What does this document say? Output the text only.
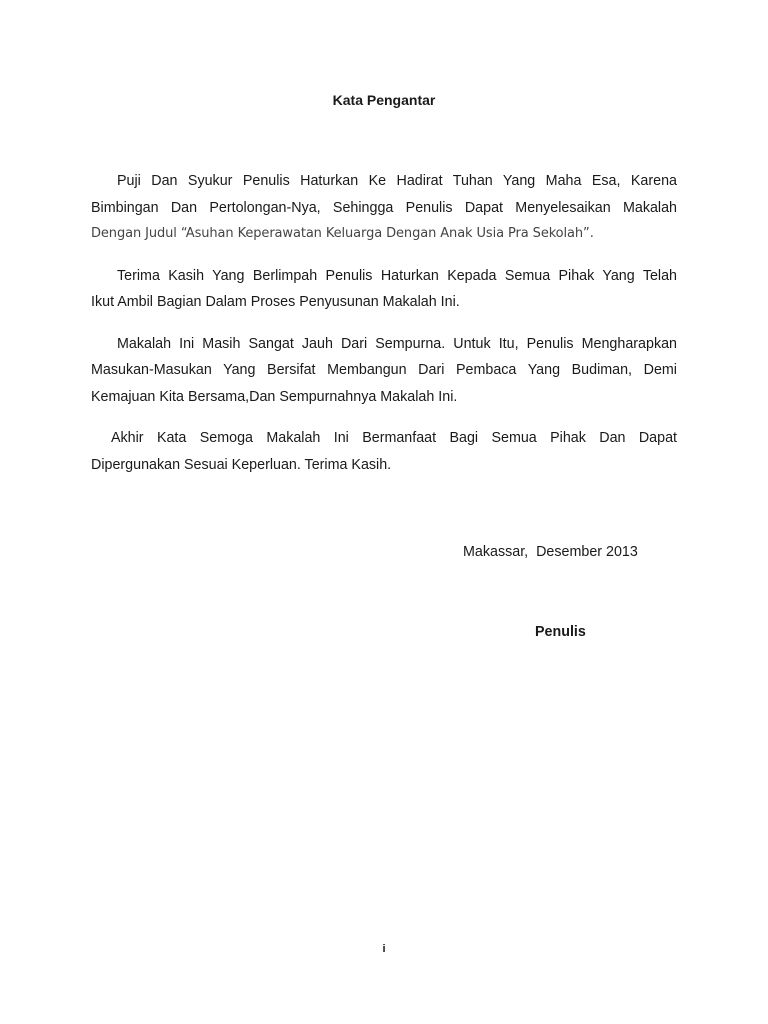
Kata Pengantar

Puji Dan Syukur Penulis Haturkan Ke Hadirat Tuhan Yang Maha Esa, Karena
Bimbingan Dan Pertolongan-Nya, Sehingga Penulis Dapat Menyelesaikan Makalah
Dengan Judul “Asuhan Keperawatan Keluarga Dengan Anak Usia Pra Sekolah”.

Terima Kasih Yang Berlimpah Penulis Haturkan Kepada Semua Pihak Yang Telah
Ikut Ambil Bagian Dalam Proses Penyusunan Makalah Ini.

Makalah Ini Masih Sangat Jauh Dari Sempurna. Untuk Itu, Penulis Mengharapkan
Masukan-Masukan Yang Bersifat Membangun Dari Pembaca Yang Budiman, Demi
Kemajuan Kita Bersama,Dan Sempurnahnya Makalah Ini.

Akhir Kata Semoga Makalah Ini Bermanfaat Bagi Semua Pihak Dan Dapat
Dipergunakan Sesuai Keperluan. Terima Kasih.

Makassar,  Desember 2013
Penulis
i
